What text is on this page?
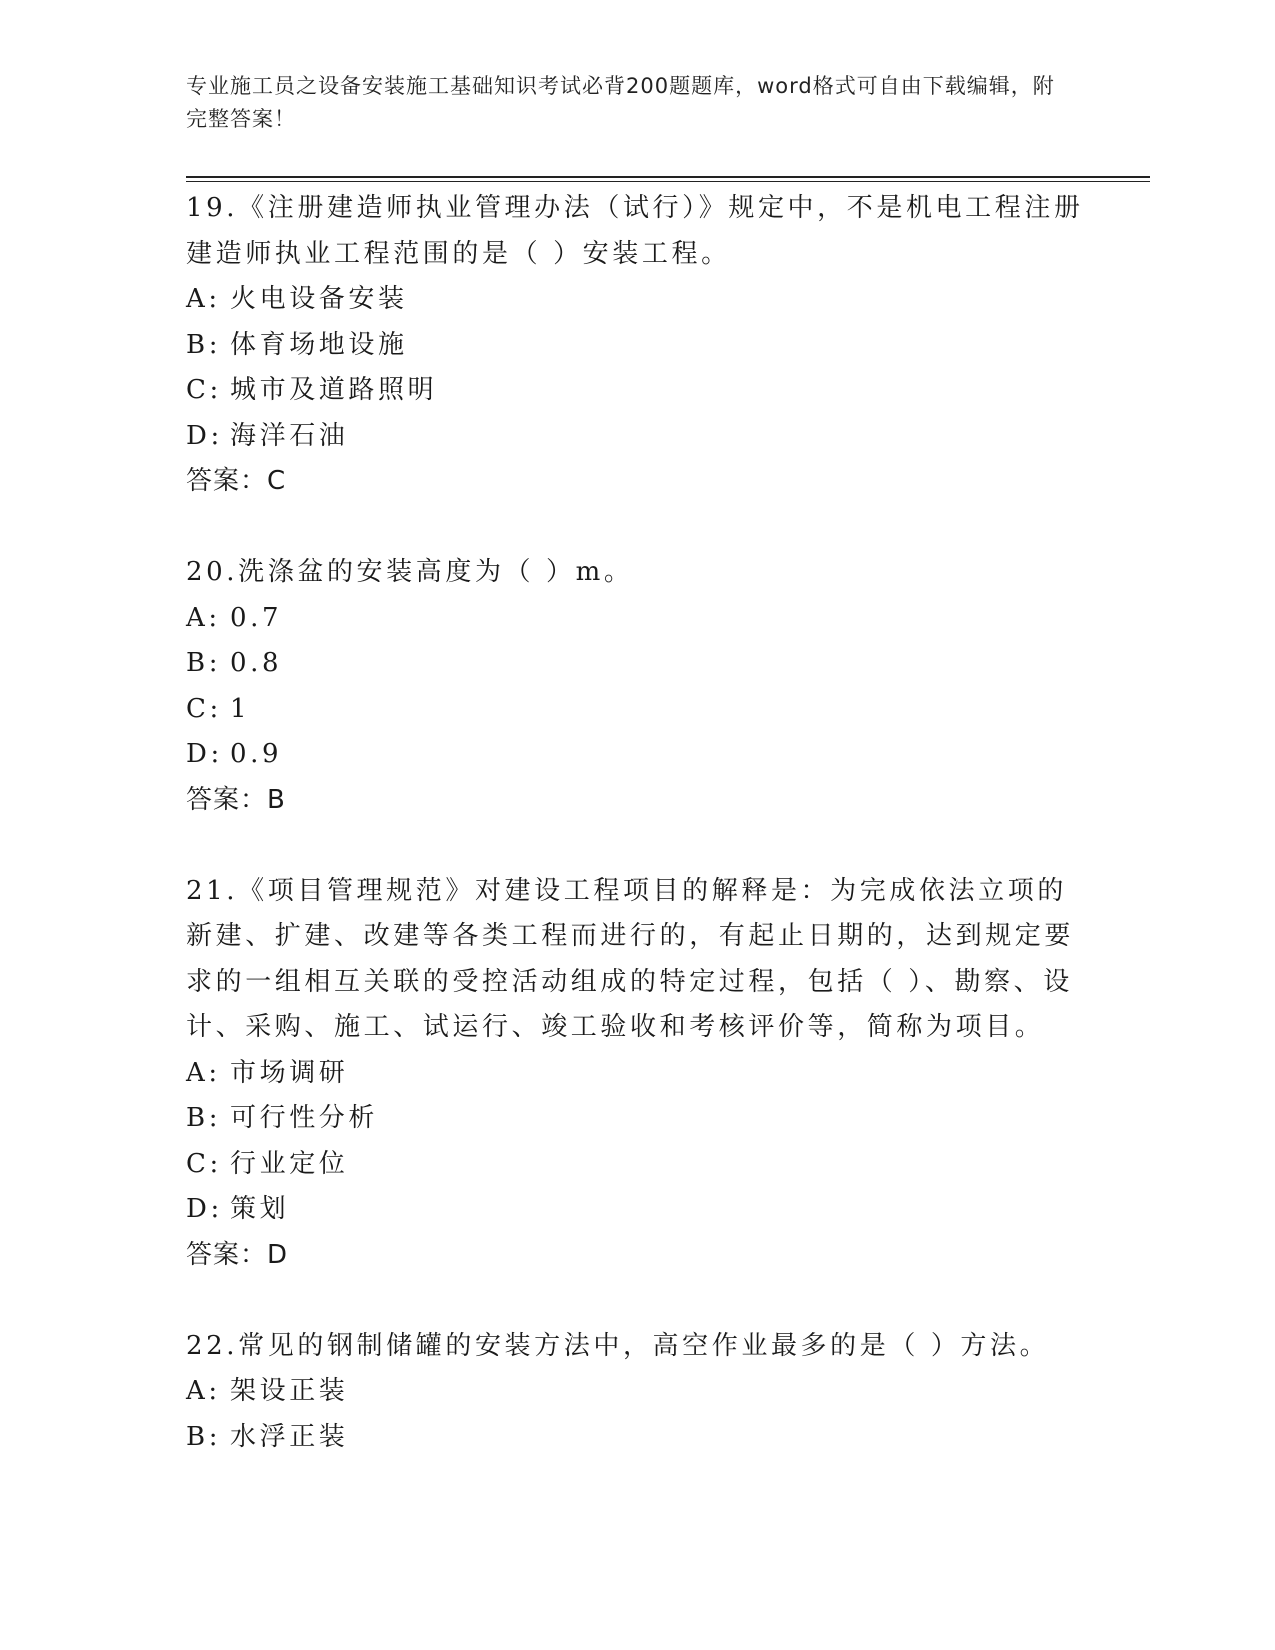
专业施工员之设备安装施工基础知识考试必背200题题库，word格式可自由下载编辑，附完整答案！
19.《注册建造师执业管理办法（试行）》规定中，不是机电工程注册建造师执业工程范围的是（ ）安装工程。
A: 火电设备安装
B: 体育场地设施
C: 城市及道路照明
D: 海洋石油
答案：C
20.洗涤盆的安装高度为（ ）m。
A: 0.7
B: 0.8
C: 1
D: 0.9
答案：B
21.《项目管理规范》对建设工程项目的解释是：为完成依法立项的新建、扩建、改建等各类工程而进行的，有起止日期的，达到规定要求的一组相互关联的受控活动组成的特定过程，包括（ ）、勘察、设计、采购、施工、试运行、竣工验收和考核评价等，简称为项目。
A: 市场调研
B: 可行性分析
C: 行业定位
D: 策划
答案：D
22.常见的钢制储罐的安装方法中，高空作业最多的是（ ）方法。
A: 架设正装
B: 水浮正装
